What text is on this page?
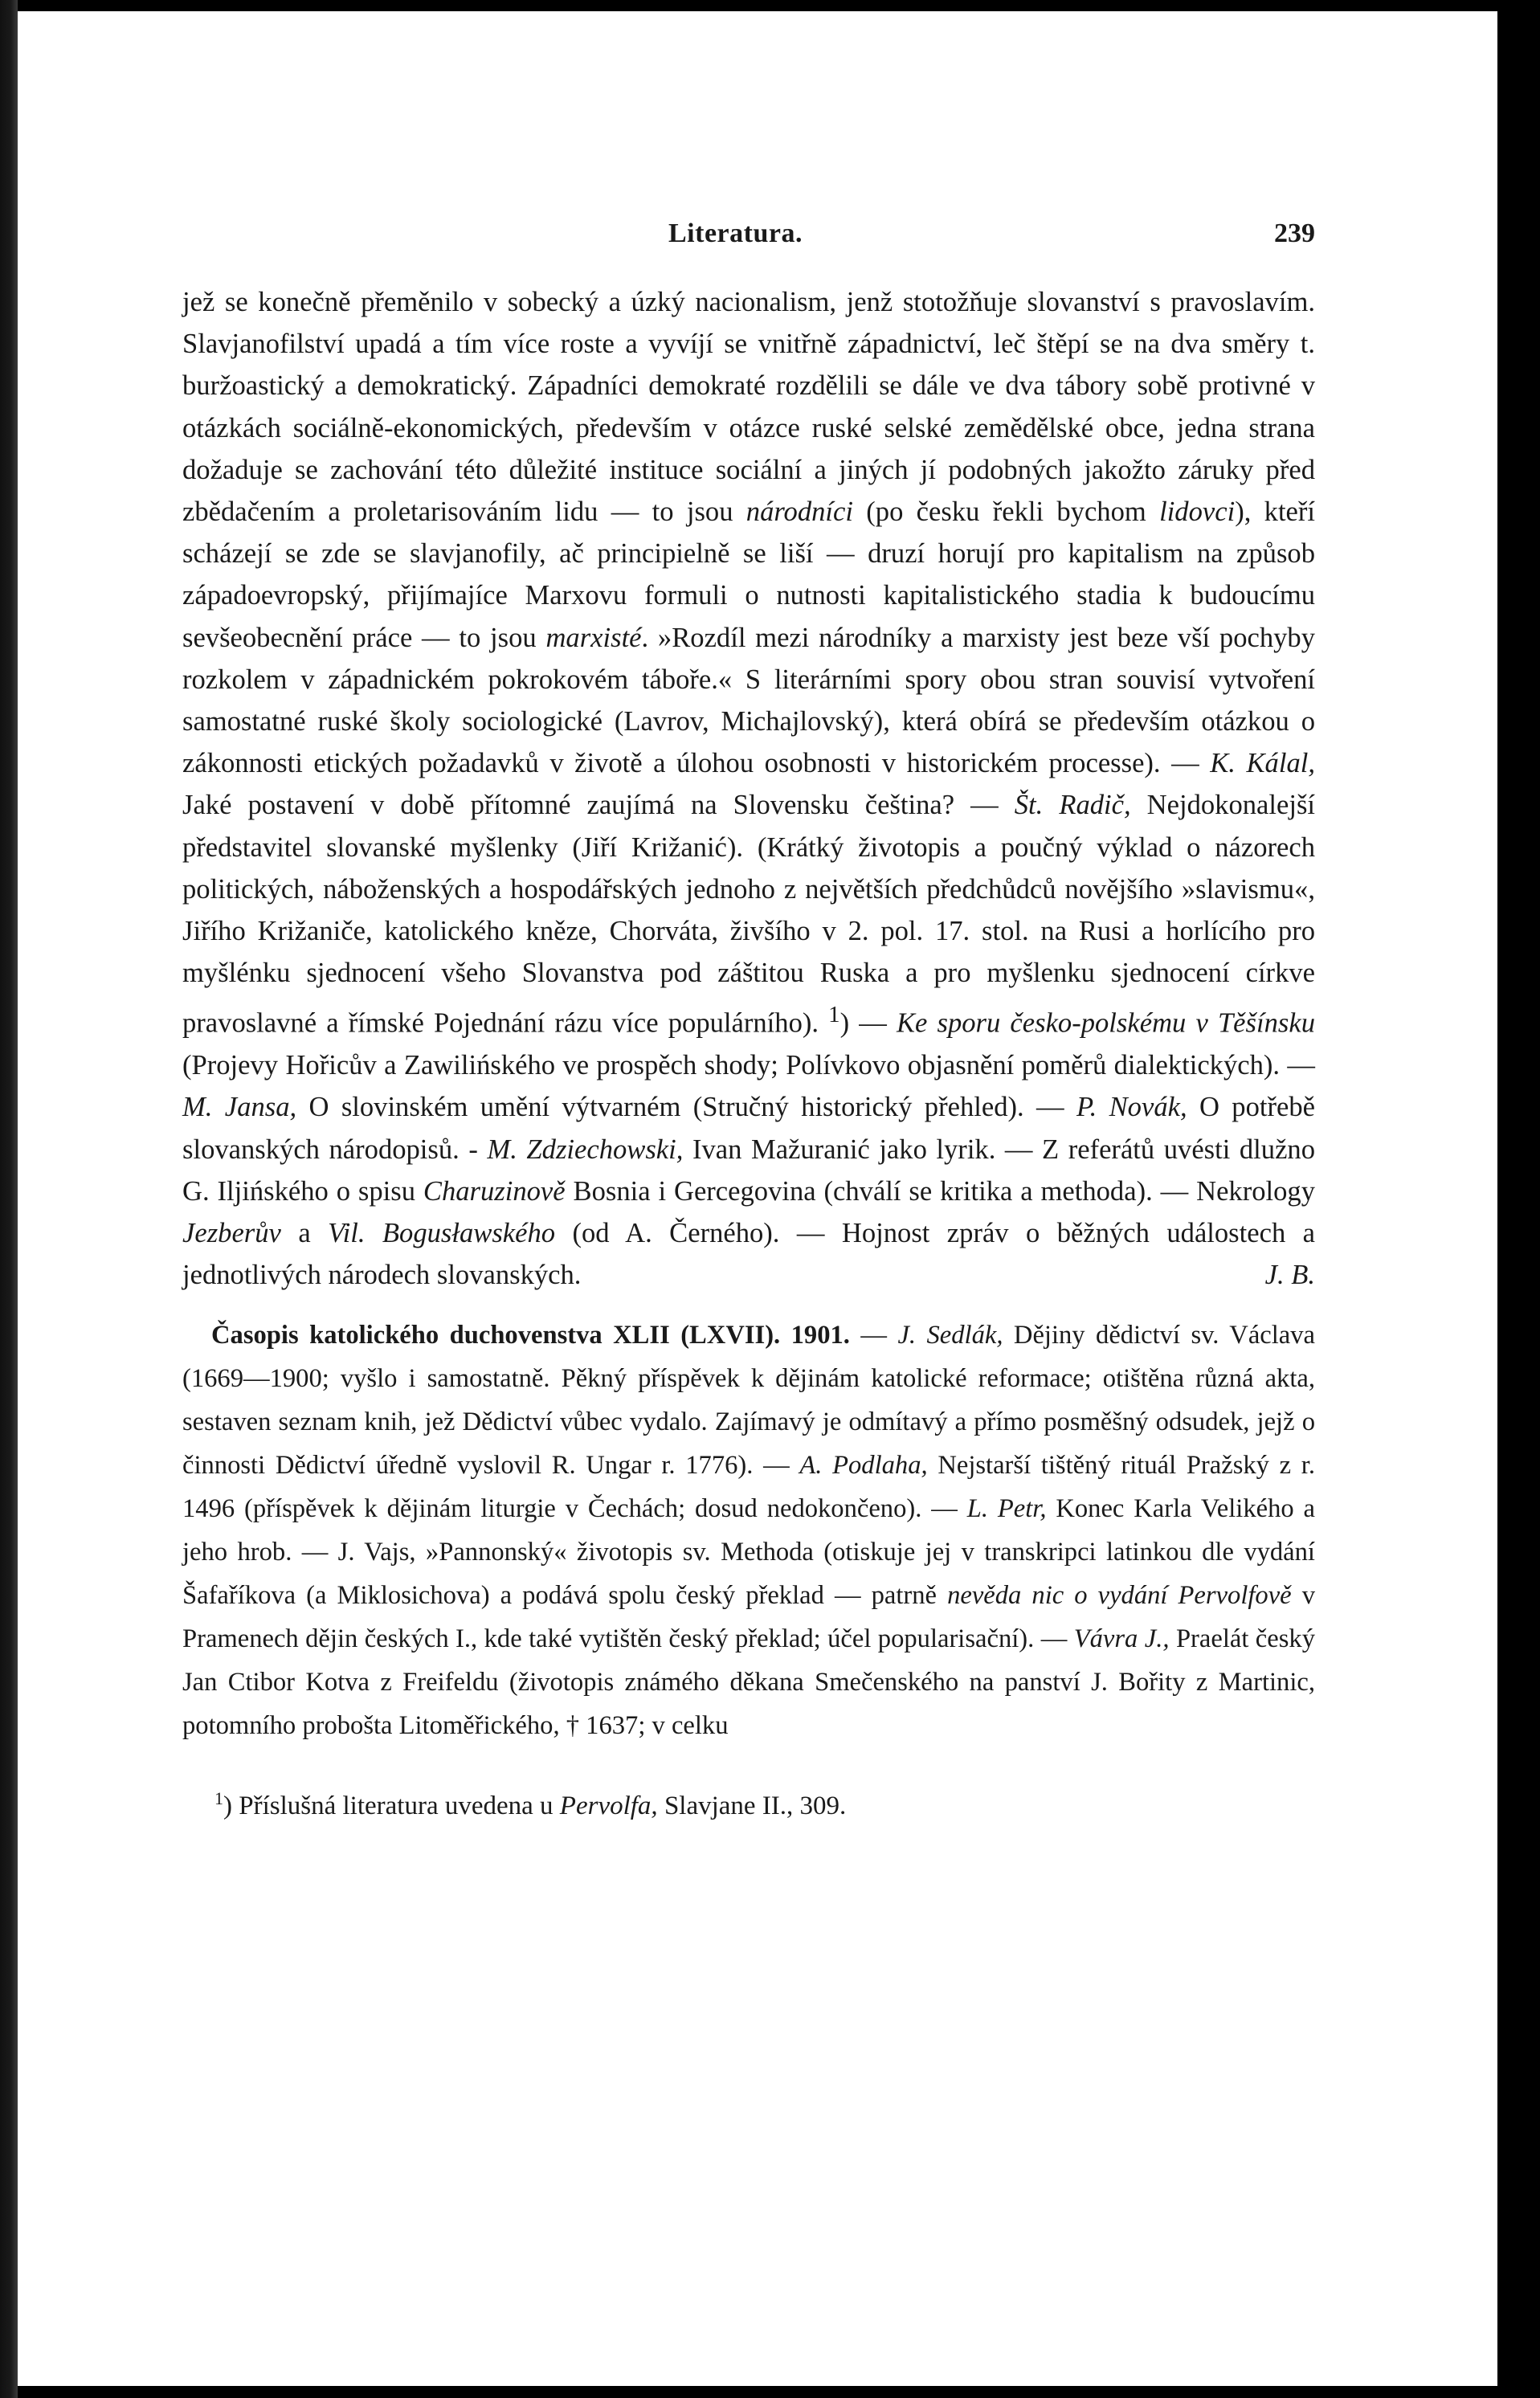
Literatura.	239

jež se konečně přeměnilo v sobecký a úzký nacionalism, jenž stotožňuje slovanství s pravoslavím. Slavjanofilství upadá a tím více roste a vyvíjí se vnitřně západnictví, leč štěpí se na dva směry t. buržoastický a demokratický. Západníci demokraté rozdělili se dále ve dva tábory sobě protivné v otázkách sociálně-ekonomických, především v otázce ruské selské zemědělské obce, jedna strana dožaduje se zachování této důležité instituce sociální a jiných jí podobných jakožto záruky před zbědačením a proletarisováním lidu — to jsou národníci (po česku řekli bychom lidovci), kteří scházejí se zde se slavjanofily, ač principielně se liší — druzí horují pro kapitalism na způsob západoevropský, přijímajíce Marxovu formuli o nutnosti kapitalistického stadia k budoucímu sevšeobecnění práce — to jsou marxisté. »Rozdíl mezi národníky a marxisty jest beze vší pochyby rozkolem v západnickém pokrokovém táboře.« S literárními spory obou stran souvisí vytvoření samostatné ruské školy sociologické (Lavrov, Michajlovský), která obírá se především otázkou o zákonnosti etických požadavků v životě a úlohou osobnosti v historickém processe). — K. Kálal, Jaké postavení v době přítomné zaujímá na Slovensku čeština? — Št. Radič, Nejdokonalejší představitel slovanské myšlenky (Jiří Križanić). (Krátký životopis a poučný výklad o názorech politických, náboženských a hospodářských jednoho z největších předchůdců novějšího »slavismu«, Jiřího Križaniče, katolického kněze, Chorváta, živšího v 2. pol. 17. stol. na Rusi a horlícího pro myšlénku sjednocení všeho Slovanstva pod záštitou Ruska a pro myšlenku sjednocení církve pravoslavné a římské Pojednání rázu více populárního). $^1$) — Ke sporu česko-polskému v Těšínsku (Projevy Hořicův a Zawilińského ve prospěch shody; Polívkovo objasnění poměrů dialektických). — M. Jansa, O slovinském umění výtvarném (Stručný historický přehled). — P. Novák, O potřebě slovanských národopisů. - M. Zdziechowski, Ivan Mažuranić jako lyrik. — Z referátů uvésti dlužno G. Iljińského o spisu Charuzinově Bosnia i Gercegovina (chválí se kritika a methoda). — Nekrology Jezberův a Vil. Bogusławského (od A. Černého). — Hojnost zpráv o běžných událostech a jednotlivých národech slovanských.	J. B.

Časopis katolického duchovenstva XLII (LXVII). 1901. — J. Sedlák, Dějiny dědictví sv. Václava (1669—1900; vyšlo i samostatně. Pěkný příspěvek k dějinám katolické reformace; otištěna různá akta, sestaven seznam knih, jež Dědictví vůbec vydalo. Zajímavý je odmítavý a přímo posměšný odsudek, jejž o činnosti Dědictví úředně vyslovil R. Ungar r. 1776). — A. Podlaha, Nejstarší tištěný rituál Pražský z r. 1496 (příspěvek k dějinám liturgie v Čechách; dosud nedokončeno). — L. Petr, Konec Karla Velikého a jeho hrob. — J. Vajs, »Pannonský« životopis sv. Methoda (otiskuje jej v transkripci latinkou dle vydání Šafaříkova (a Miklosichova) a podává spolu český překlad — patrně nevěda nic o vydání Pervolfově v Pramenech dějin českých I., kde také vytištěn český překlad; účel popularisační). — Vávra J., Praelát český Jan Ctibor Kotva z Freifeldu (životopis známého děkana Smečenského na panství J. Bořity z Martinic, potomního probošta Litoměřického, † 1637; v celku

$^1$) Příslušná literatura uvedena u Pervolfa, Slavjane II., 309.
